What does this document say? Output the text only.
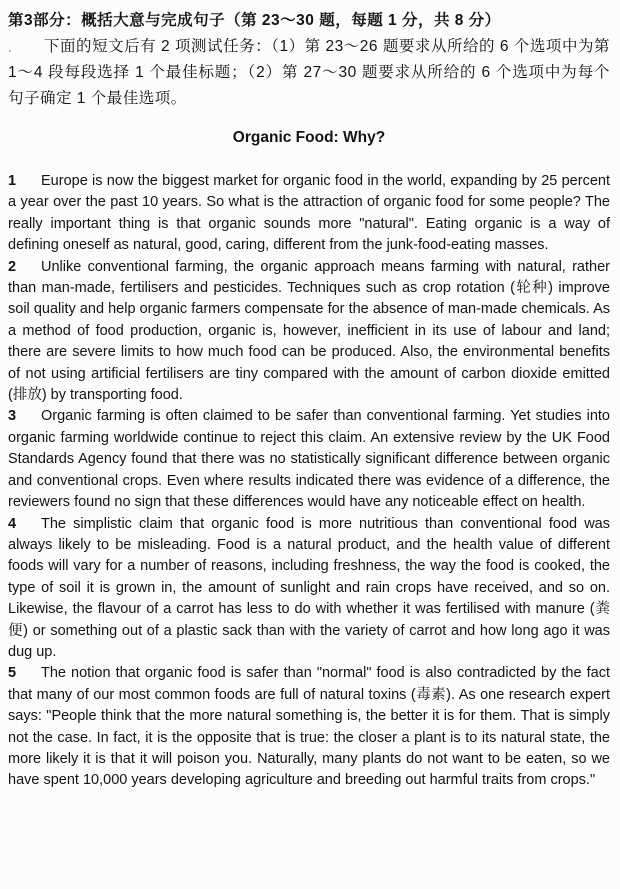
第3部分：概括大意与完成句子（第 23～30 题，每题 1 分，共 8 分）

· 下面的短文后有 2 项测试任务：（1）第 23～26 题要求从所给的 6 个选项中为第 1～4 段每段选择 1 个最佳标题；（2）第 27～30 题要求从所给的 6 个选项中为每个句子确定 1 个最佳选项。

Organic Food: Why?

1 Europe is now the biggest market for organic food in the world, expanding by 25 percent a year over the past 10 years. So what is the attraction of organic food for some people? The really important thing is that organic sounds more "natural". Eating organic is a way of defining oneself as natural, good, caring, different from the junk-food-eating masses.

2 Unlike conventional farming, the organic approach means farming with natural, rather than man-made, fertilisers and pesticides. Techniques such as crop rotation (轮种) improve soil quality and help organic farmers compensate for the absence of man-made chemicals. As a method of food production, organic is, however, inefficient in its use of labour and land; there are severe limits to how much food can be produced. Also, the environmental benefits of not using artificial fertilisers are tiny compared with the amount of carbon dioxide emitted (排放) by transporting food.

3 Organic farming is often claimed to be safer than conventional farming. Yet studies into organic farming worldwide continue to reject this claim. An extensive review by the UK Food Standards Agency found that there was no statistically significant difference between organic and conventional crops. Even where results indicated there was evidence of a difference, the reviewers found no sign that these differences would have any noticeable effect on health.

4 The simplistic claim that organic food is more nutritious than conventional food was always likely to be misleading. Food is a natural product, and the health value of different foods will vary for a number of reasons, including freshness, the way the food is cooked, the type of soil it is grown in, the amount of sunlight and rain crops have received, and so on. Likewise, the flavour of a carrot has less to do with whether it was fertilised with manure (粪便) or something out of a plastic sack than with the variety of carrot and how long ago it was dug up.

5 The notion that organic food is safer than "normal" food is also contradicted by the fact that many of our most common foods are full of natural toxins (毒素). As one research expert says: "People think that the more natural something is, the better it is for them. That is simply not the case. In fact, it is the opposite that is true: the closer a plant is to its natural state, the more likely it is that it will poison you. Naturally, many plants do not want to be eaten, so we have spent 10,000 years developing agriculture and breeding out harmful traits from crops."
